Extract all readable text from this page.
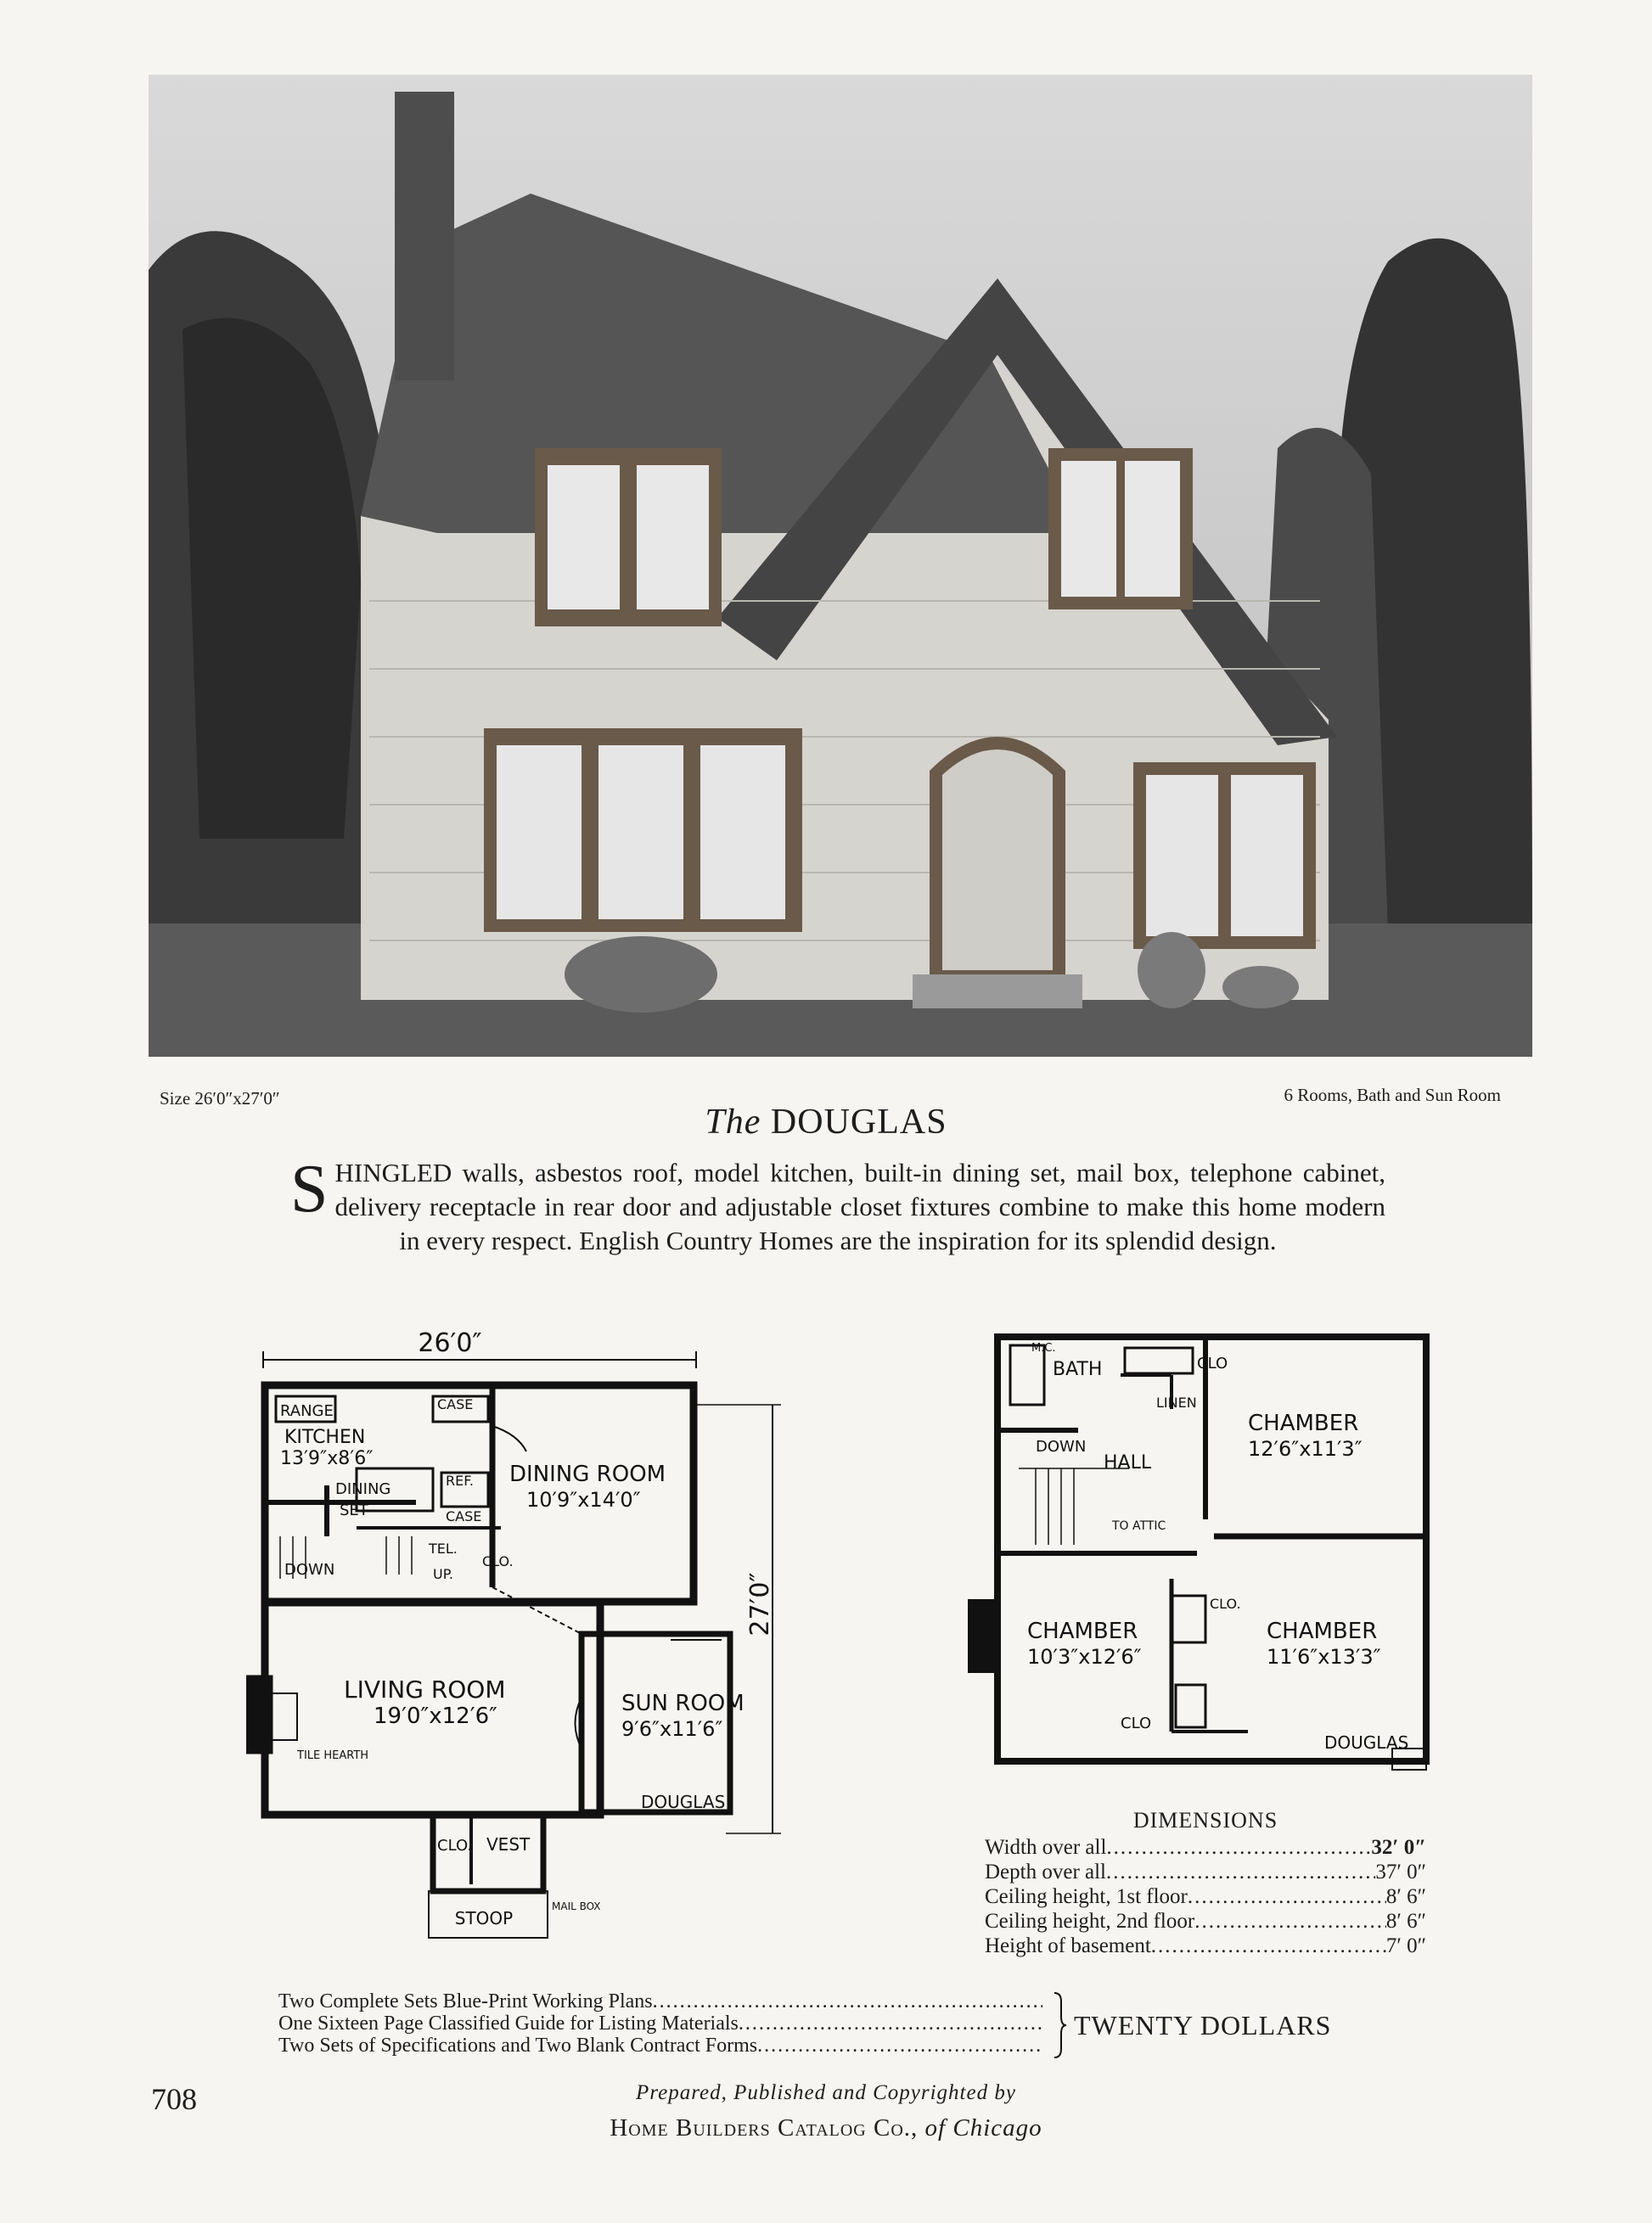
Size 26′0″x27′0″	6 Rooms, Bath and Sun Room
The DOUGLAS
SHINGLED walls, asbestos roof, model kitchen, built-in dining set, mail box, telephone cabinet, delivery receptacle in rear door and adjustable closet fixtures combine to make this home modern in every respect. English Country Homes are the inspiration for its splendid design.
26′0″
27′0″
RANGE	CASE
KITCHEN
13′9″x8′6″
DINING ROOM
10′9″x14′0″
DINING
SET
REF.
CASE
DOWN
TEL.
UP.
CLO.
LIVING ROOM
19′0″x12′6″
TILE HEARTH
SUN ROOM
9′6″x11′6″
DOUGLAS
CLO. VEST
MAIL BOX
STOOP
M.C.
BATH	CLO
LINEN
CHAMBER
12′6″x11′3″
DOWN
HALL
TO ATTIC
CHAMBER
10′3″x12′6″
CLO.
CHAMBER
11′6″x13′3″
CLO
DOUGLAS
DIMENSIONS
Width over all .....	32′ 0″
Depth over all .....	37′ 0″
Ceiling height, 1st floor .....	8′ 6″
Ceiling height, 2nd floor .....	8′ 6″
Height of basement .....	7′ 0″
Two Complete Sets Blue-Print Working Plans
.....
One Sixteen Page Classified Guide for Listing Materials
.....
Two Sets of Specifications and Two Blank Contract Forms
.....
TWENTY DOLLARS
708	Prepared, Published and Copyrighted by
Home Builders Catalog Co., of Chicago
